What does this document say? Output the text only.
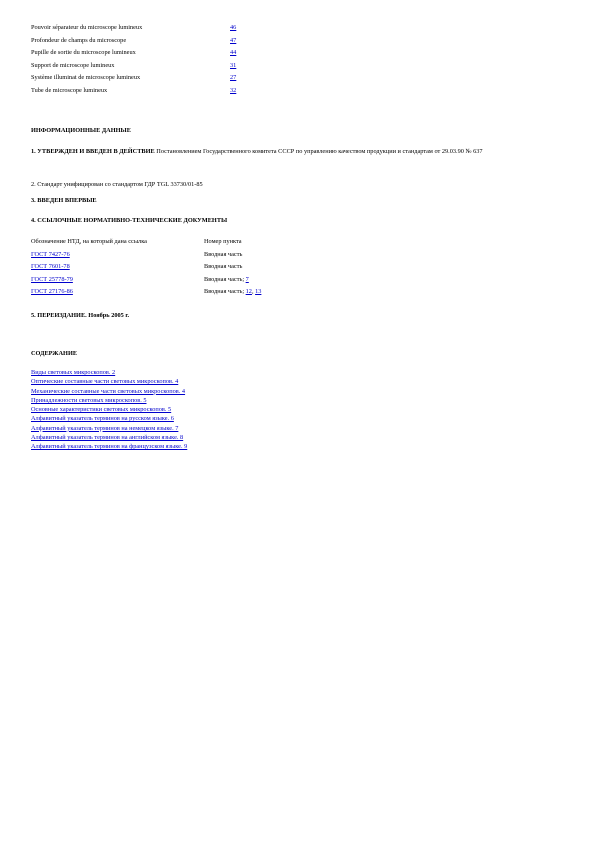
Pouvoir séparateur du microscope lumineux	46
Profondeur de champs du microscope	47
Pupille de sortie du microscope lumineux	44
Support de microscope lumineux	31
Système illuminat de microscope lumineux	27
Tube de microscope lumineux	32
ИНФОРМАЦИОННЫЕ ДАННЫЕ
1. УТВЕРЖДЕН И ВВЕДЕН В ДЕЙСТВИЕ Постановлением Государственного комитета СССР по управлению качеством продукции и стандартам от 29.03.90 № 637
2. Стандарт унифицирован со стандартом ГДР TGL 33730/01-85
3. ВВЕДЕН ВПЕРВЫЕ
4. ССЫЛОЧНЫЕ НОРМАТИВНО-ТЕХНИЧЕСКИЕ ДОКУМЕНТЫ
Обозначение НТД, на который дана ссылка	Номер пункта
ГОСТ 7427-76	Вводная часть
ГОСТ 7601-78	Вводная часть
ГОСТ 25778-79	Вводная часть; 7
ГОСТ 27176-86	Вводная часть; 12, 13
5. ПЕРЕИЗДАНИЕ. Ноябрь 2005 г.
СОДЕРЖАНИЕ
Виды световых микроскопов. 2
Оптические составные части световых микроскопов. 4
Механические составные части световых микроскопов. 4
Принадлежности световых микроскопов. 5
Основные характеристики световых микроскопов. 5
Алфавитный указатель терминов на русском языке. 6
Алфавитный указатель терминов на немецком языке. 7
Алфавитный указатель терминов на английском языке. 8
Алфавитный указатель терминов на французском языке. 9
